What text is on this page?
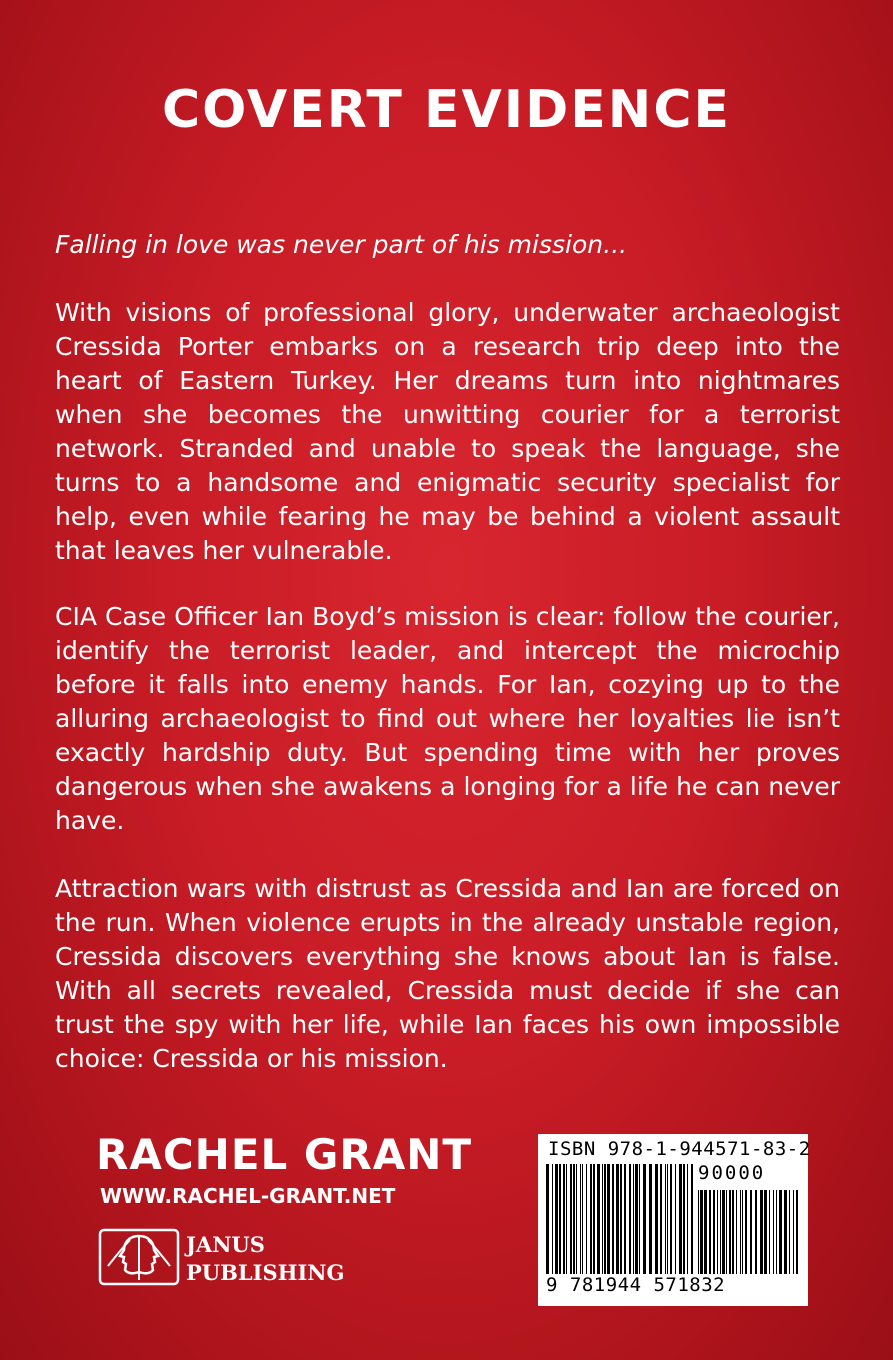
COVERT EVIDENCE

Falling in love was never part of his mission...

With visions of professional glory, underwater archaeologist Cressida Porter embarks on a research trip deep into the heart of Eastern Turkey. Her dreams turn into nightmares when she becomes the unwitting courier for a terrorist network. Stranded and unable to speak the language, she turns to a handsome and enigmatic security specialist for help, even while fearing he may be behind a violent assault that leaves her vulnerable.

CIA Case Officer Ian Boyd’s mission is clear: follow the courier, identify the terrorist leader, and intercept the microchip before it falls into enemy hands. For Ian, cozying up to the alluring archaeologist to find out where her loyalties lie isn’t exactly hardship duty. But spending time with her proves dangerous when she awakens a longing for a life he can never have.

Attraction wars with distrust as Cressida and Ian are forced on the run. When violence erupts in the already unstable region, Cressida discovers everything she knows about Ian is false. With all secrets revealed, Cressida must decide if she can trust the spy with her life, while Ian faces his own impossible choice: Cressida or his mission.

RACHEL GRANT

WWW.RACHEL-GRANT.NET

JANUS

PUBLISHING

ISBN 978-1-944571-83-2

90000

9 781944 571832
